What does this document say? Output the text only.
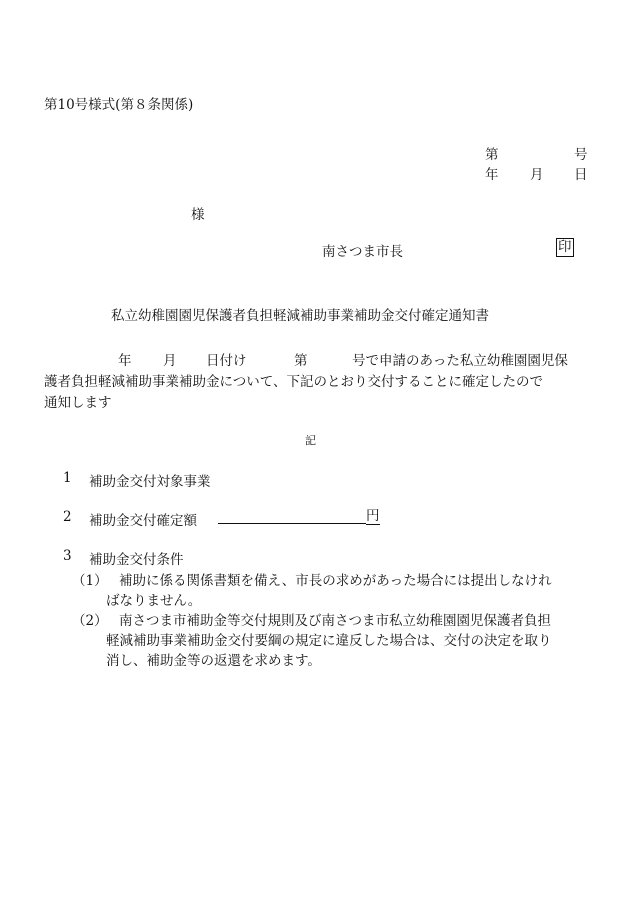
第10号様式(第８条関係)
第	号
年 月 日
様
南さつま市長	印
私立幼稚園園児保護者負担軽減補助事業補助金交付確定通知書
年 月 日付け	第	号で申請のあった私立幼稚園園児保
護者負担軽減補助事業補助金について、下記のとおり交付することに確定したので
通知します
記
1 補助金交付対象事業
2 補助金交付確定額	円
3 補助金交付条件
（1） 補助に係る関係書類を備え、市長の求めがあった場合には提出しなけれ
ばなりません。
（2） 南さつま市補助金等交付規則及び南さつま市私立幼稚園園児保護者負担
軽減補助事業補助金交付要綱の規定に違反した場合は、交付の決定を取り
消し、補助金等の返還を求めます。
